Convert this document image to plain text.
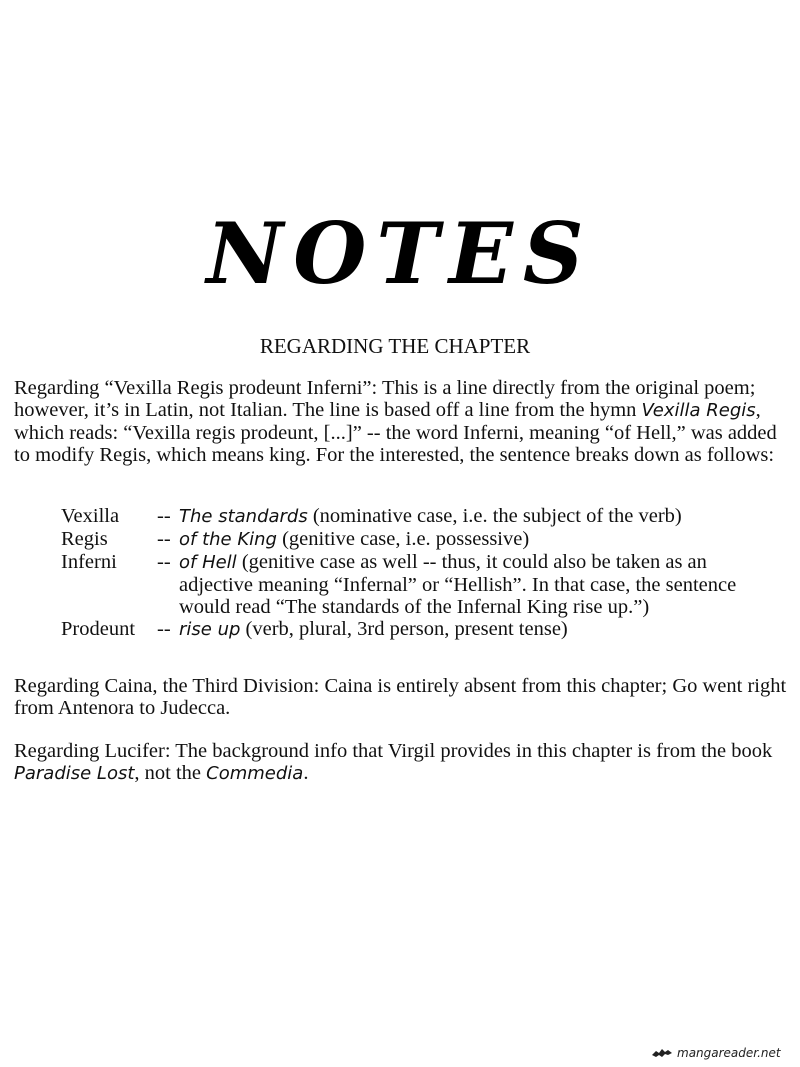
NOTES
REGARDING THE CHAPTER

Regarding “Vexilla Regis prodeunt Inferni”: This is a line directly from the original poem; however, it’s in Latin, not Italian. The line is based off a line from the hymn Vexilla Regis, which reads: “Vexilla regis prodeunt, [...]” -- the word Inferni, meaning “of Hell,” was added to modify Regis, which means king. For the interested, the sentence breaks down as follows:

Vexilla	-- The standards (nominative case, i.e. the subject of the verb)
Regis	-- of the King (genitive case, i.e. possessive)
Inferni	-- of Hell (genitive case as well -- thus, it could also be taken as an adjective meaning “Infernal” or “Hellish”. In that case, the sentence would read “The standards of the Infernal King rise up.”)
Prodeunt	-- rise up (verb, plural, 3rd person, present tense)

Regarding Caina, the Third Division: Caina is entirely absent from this chapter; Go went right from Antenora to Judecca.

Regarding Lucifer: The background info that Virgil provides in this chapter is from the book Paradise Lost, not the Commedia.

mangareader.net
